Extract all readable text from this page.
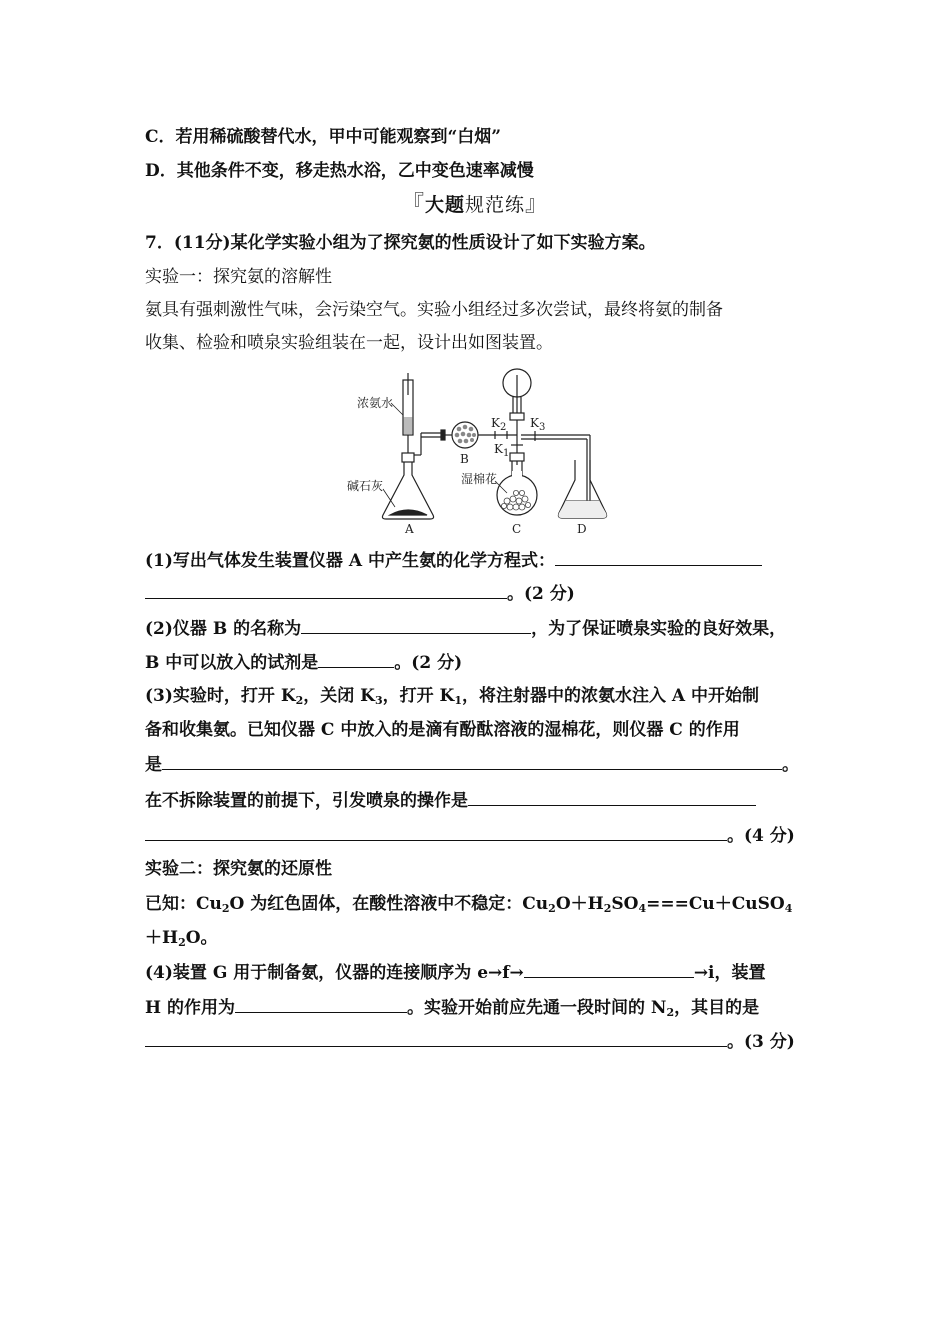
C．若用稀硫酸替代水，甲中可能观察到“白烟”
D．其他条件不变，移走热水浴，乙中变色速率减慢
『大题规范练』
7．(11分)某化学实验小组为了探究氨的性质设计了如下实验方案。
实验一：探究氨的溶解性
氨具有强刺激性气味，会污染空气。实验小组经过多次尝试，最终将氨的制备
收集、检验和喷泉实验组装在一起，设计出如图装置。
浓氨水
碱石灰	湿棉花
$K_2$
$K_1$
$K_3$
A
B
C	D
(1)写出气体发生装置仪器 A 中产生氨的化学方程式：
。(2 分)
(2)仪器 B 的名称为	，为了保证喷泉实验的良好效果，
B 中可以放入的试剂是	。(2 分)
(3)实验时，打开 $K_2$，关闭 $K_3$，打开 $K_1$，将注射器中的浓氨水注入 A 中开始制
备和收集氨。已知仪器 C 中放入的是滴有酚酞溶液的湿棉花，则仪器 C 的作用
是	。
在不拆除装置的前提下，引发喷泉的操作是
。(4 分)
实验二：探究氨的还原性
已知：$Cu_2O$ 为红色固体，在酸性溶液中不稳定：$Cu_2O+H_2SO_4===Cu+CuSO_4$
$+H_2O$。
(4)装置 G 用于制备氨，仪器的连接顺序为 e→f→	→i，装置
H 的作用为	。实验开始前应先通一段时间的 $N_2$，其目的是
。(3 分)
